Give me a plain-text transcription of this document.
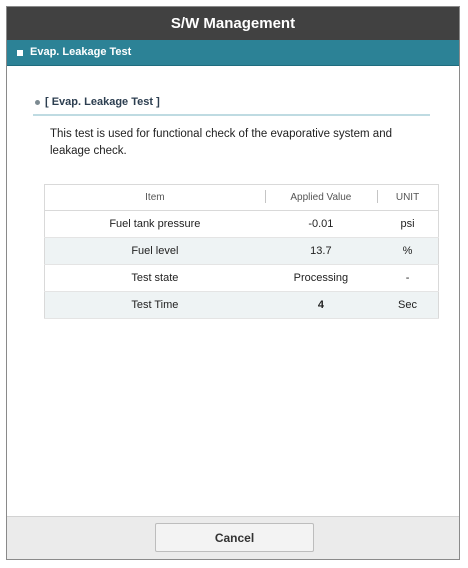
S/W Management
Evap. Leakage Test
[ Evap. Leakage Test ]
This test is used for functional check of the evaporative system and leakage check.
Item	Applied Value	UNIT
Fuel tank pressure	-0.01	psi
Fuel level	13.7	%
Test state	Processing	-
Test Time	4	Sec
Cancel
